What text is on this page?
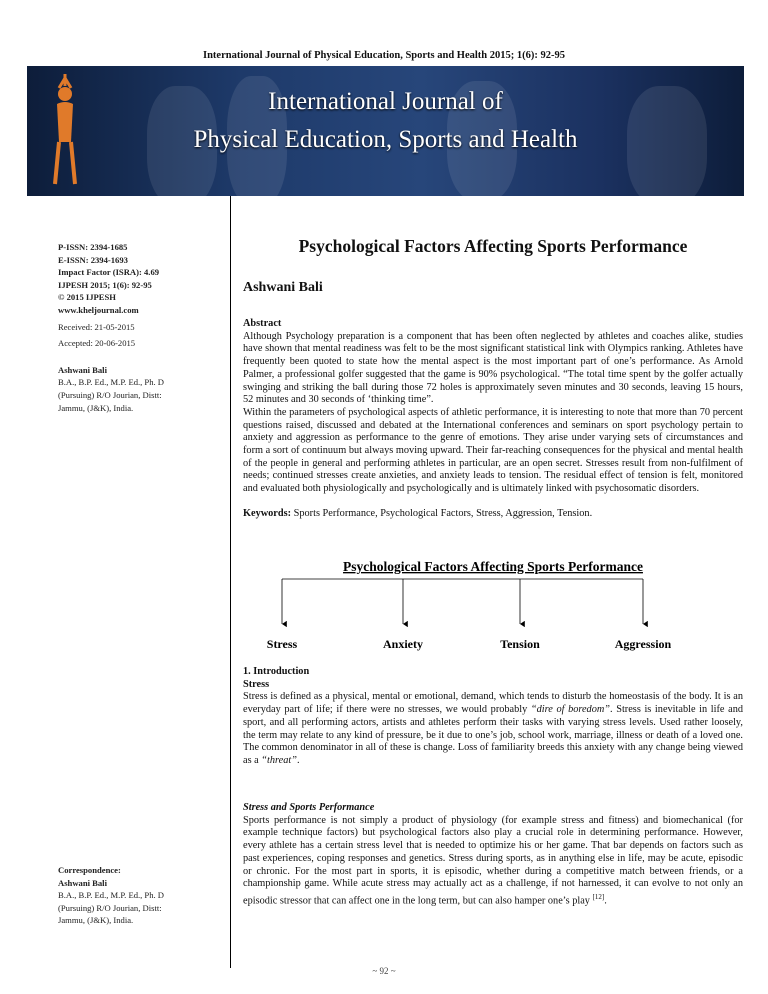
International Journal of Physical Education, Sports and Health 2015; 1(6): 92-95
International Journal of
Physical Education, Sports and Health
P-ISSN: 2394-1685
E-ISSN: 2394-1693
Impact Factor (ISRA): 4.69
IJPESH 2015; 1(6): 92-95
© 2015 IJPESH
www.kheljournal.com
Received: 21-05-2015
Accepted: 20-06-2015
Ashwani Bali
B.A., B.P. Ed., M.P. Ed., Ph. D
(Pursuing) R/O Jourian, Distt:
Jammu, (J&K), India.
Correspondence:
Ashwani Bali
B.A., B.P. Ed., M.P. Ed., Ph. D
(Pursuing) R/O Jourian, Distt:
Jammu, (J&K), India.
Psychological Factors Affecting Sports Performance
Ashwani Bali
Abstract
Although Psychology preparation is a component that has been often neglected by athletes and coaches alike, studies have shown that mental readiness was felt to be the most significant statistical link with Olympics ranking. Athletes have frequently been quoted to state how the mental aspect is the most important part of one’s performance. As Arnold Palmer, a professional golfer suggested that the game is 90% psychological. “The total time spent by the golfer actually swinging and striking the ball during those 72 holes is approximately seven minutes and 30 seconds, leaving 15 hours, 52 minutes and 30 seconds of ‘thinking time”.
Within the parameters of psychological aspects of athletic performance, it is interesting to note that more than 70 percent questions raised, discussed and debated at the International conferences and seminars on sport psychology pertain to anxiety and aggression as performance to the genre of emotions. They arise under varying sets of circumstances and form a sort of continuum but always moving upward. Their far-reaching consequences for the physical and mental health of the people in general and performing athletes in particular, are an open secret. Stresses result from non-fulfilment of needs; continued stresses create anxieties, and anxiety leads to tension. The residual effect of tension is felt, monitored and evaluated both physiologically and psychologically and is ultimately linked with psychosomatic disorders.
Keywords: Sports Performance, Psychological Factors, Stress, Aggression, Tension.
Psychological Factors Affecting Sports Performance
Stress	Anxiety	Tension	Aggression
1. Introduction
Stress
Stress is defined as a physical, mental or emotional, demand, which tends to disturb the homeostasis of the body. It is an everyday part of life; if there were no stresses, we would probably “dire of boredom”. Stress is inevitable in life and sport, and all performing actors, artists and athletes perform their tasks with varying stress levels. Used rather loosely, the term may relate to any kind of pressure, be it due to one’s job, school work, marriage, illness or death of a loved one. The common denominator in all of these is change. Loss of familiarity breeds this anxiety with any change being viewed as a “threat”.
Stress and Sports Performance
Sports performance is not simply a product of physiology (for example stress and fitness) and biomechanical (for example technique factors) but psychological factors also play a crucial role in determining performance. However, every athlete has a certain stress level that is needed to optimize his or her game. That bar depends on factors such as past experiences, coping responses and genetics. Stress during sports, as in anything else in life, may be acute, episodic or chronic. For the most part in sports, it is episodic, whether during a competitive match between friends, or a championship game. While acute stress may actually act as a challenge, if not harnessed, it can evolve to not only an episodic stressor that can affect one in the long term, but can also hamper one’s play [12].
~ 92 ~
